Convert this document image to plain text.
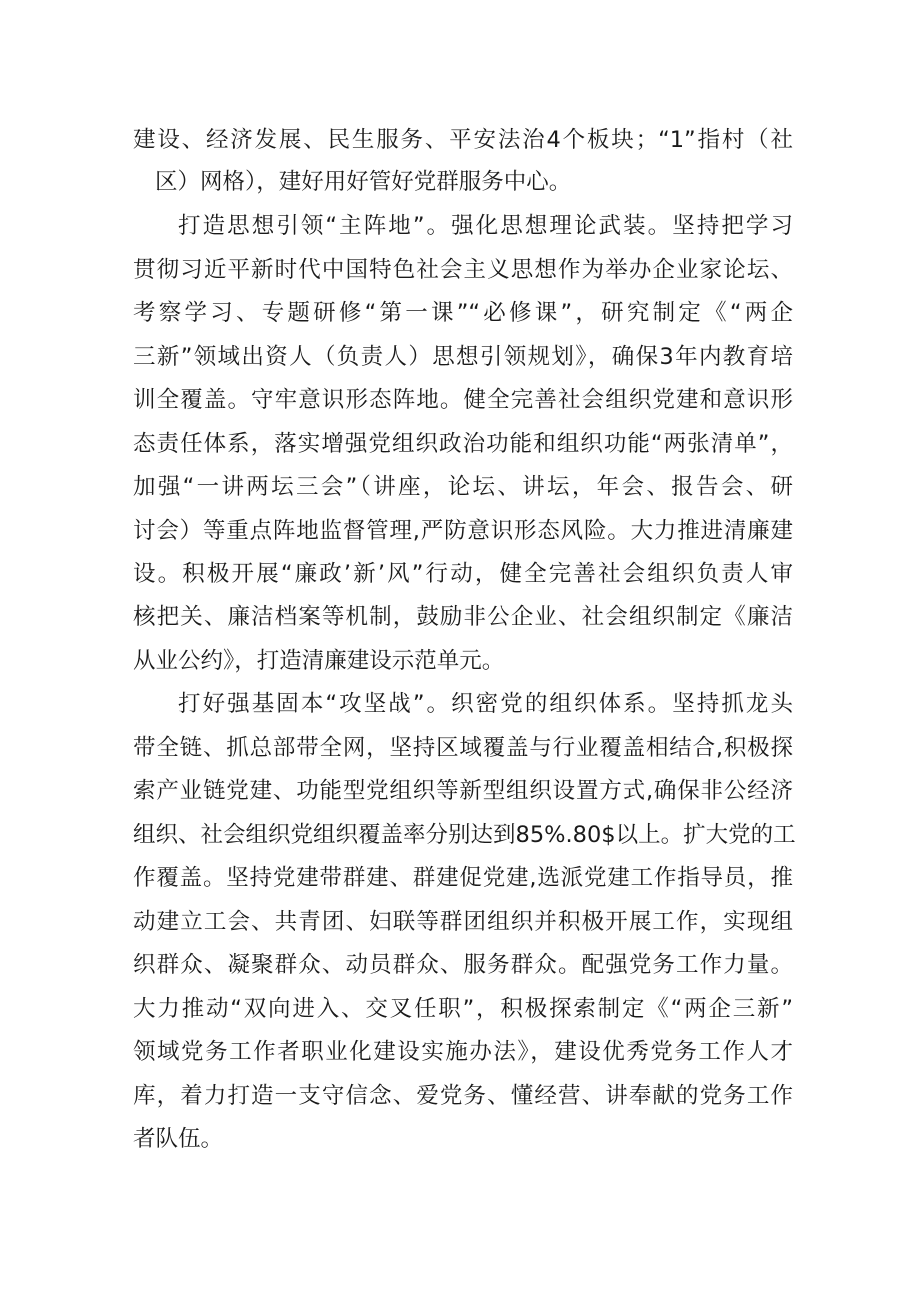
建设、经济发展、民生服务、平安法治4个板块；“1”指村（社
区）网格），建好用好管好党群服务中心。
打造思想引领“主阵地”。强化思想理论武装。坚持把学习
贯彻习近平新时代中国特色社会主义思想作为举办企业家论坛、
考察学习、专题研修“第一课”“必修课”，研究制定《“两企
三新”领域出资人（负责人）思想引领规划》，确保3年内教育培
训全覆盖。守牢意识形态阵地。健全完善社会组织党建和意识形
态责任体系，落实增强党组织政治功能和组织功能“两张清单”，
加强“一讲两坛三会”（讲座，论坛、讲坛，年会、报告会、研
讨会）等重点阵地监督管理,严防意识形态风险。大力推进清廉建
设。积极开展“廉政’新’风”行动，健全完善社会组织负责人审
核把关、廉洁档案等机制，鼓励非公企业、社会组织制定《廉洁
从业公约》，打造清廉建设示范单元。
打好强基固本“攻坚战”。织密党的组织体系。坚持抓龙头
带全链、抓总部带全网，坚持区域覆盖与行业覆盖相结合,积极探
索产业链党建、功能型党组织等新型组织设置方式,确保非公经济
组织、社会组织党组织覆盖率分别达到85%.80$以上。扩大党的工
作覆盖。坚持党建带群建、群建促党建,选派党建工作指导员，推
动建立工会、共青团、妇联等群团组织并积极开展工作，实现组
织群众、凝聚群众、动员群众、服务群众。配强党务工作力量。
大力推动“双向进入、交叉任职”，积极探索制定《“两企三新”
领域党务工作者职业化建设实施办法》，建设优秀党务工作人才
库，着力打造一支守信念、爱党务、懂经营、讲奉献的党务工作
者队伍。
